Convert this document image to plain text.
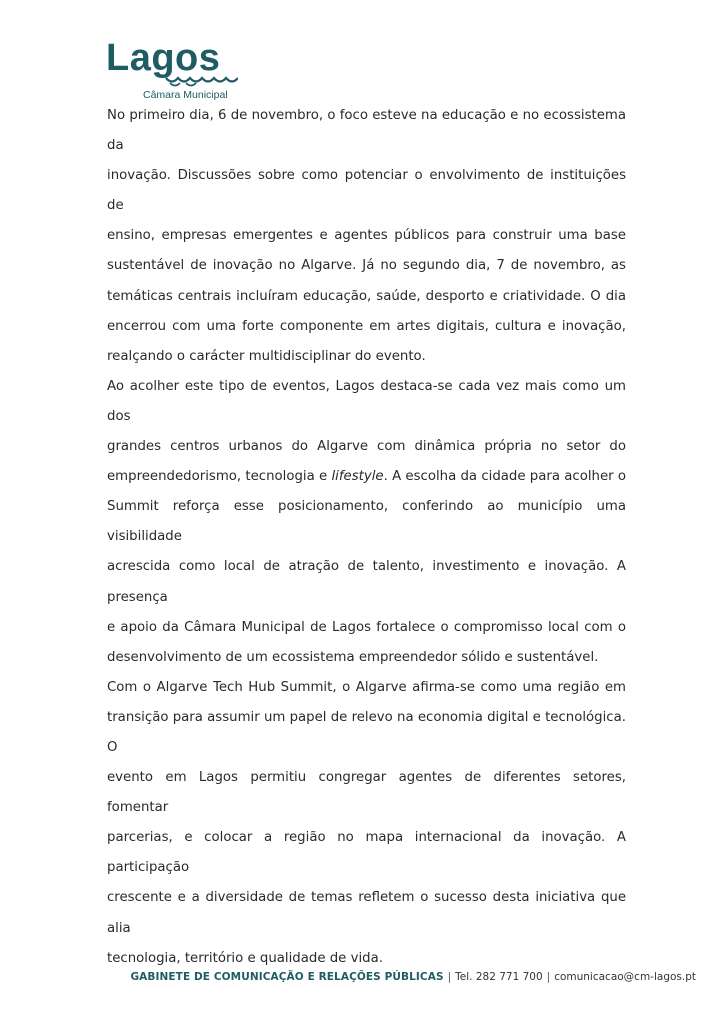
Lagos
Câmara Municipal

No primeiro dia, 6 de novembro, o foco esteve na educação e no ecossistema da
inovação. Discussões sobre como potenciar o envolvimento de instituições de
ensino, empresas emergentes e agentes públicos para construir uma base
sustentável de inovação no Algarve. Já no segundo dia, 7 de novembro, as
temáticas centrais incluíram educação, saúde, desporto e criatividade. O dia
encerrou com uma forte componente em artes digitais, cultura e inovação,
realçando o carácter multidisciplinar do evento.

Ao acolher este tipo de eventos, Lagos destaca-se cada vez mais como um dos
grandes centros urbanos do Algarve com dinâmica própria no setor do
empreendedorismo, tecnologia e lifestyle. A escolha da cidade para acolher o
Summit reforça esse posicionamento, conferindo ao município uma visibilidade
acrescida como local de atração de talento, investimento e inovação. A presença
e apoio da Câmara Municipal de Lagos fortalece o compromisso local com o
desenvolvimento de um ecossistema empreendedor sólido e sustentável.

Com o Algarve Tech Hub Summit, o Algarve afirma-se como uma região em
transição para assumir um papel de relevo na economia digital e tecnológica. O
evento em Lagos permitiu congregar agentes de diferentes setores, fomentar
parcerias, e colocar a região no mapa internacional da inovação. A participação
crescente e a diversidade de temas refletem o sucesso desta iniciativa que alia
tecnologia, território e qualidade de vida.

GABINETE DE COMUNICAÇÃO E RELAÇÕES PÚBLICAS | Tel. 282 771 700 | comunicacao@cm-lagos.pt
